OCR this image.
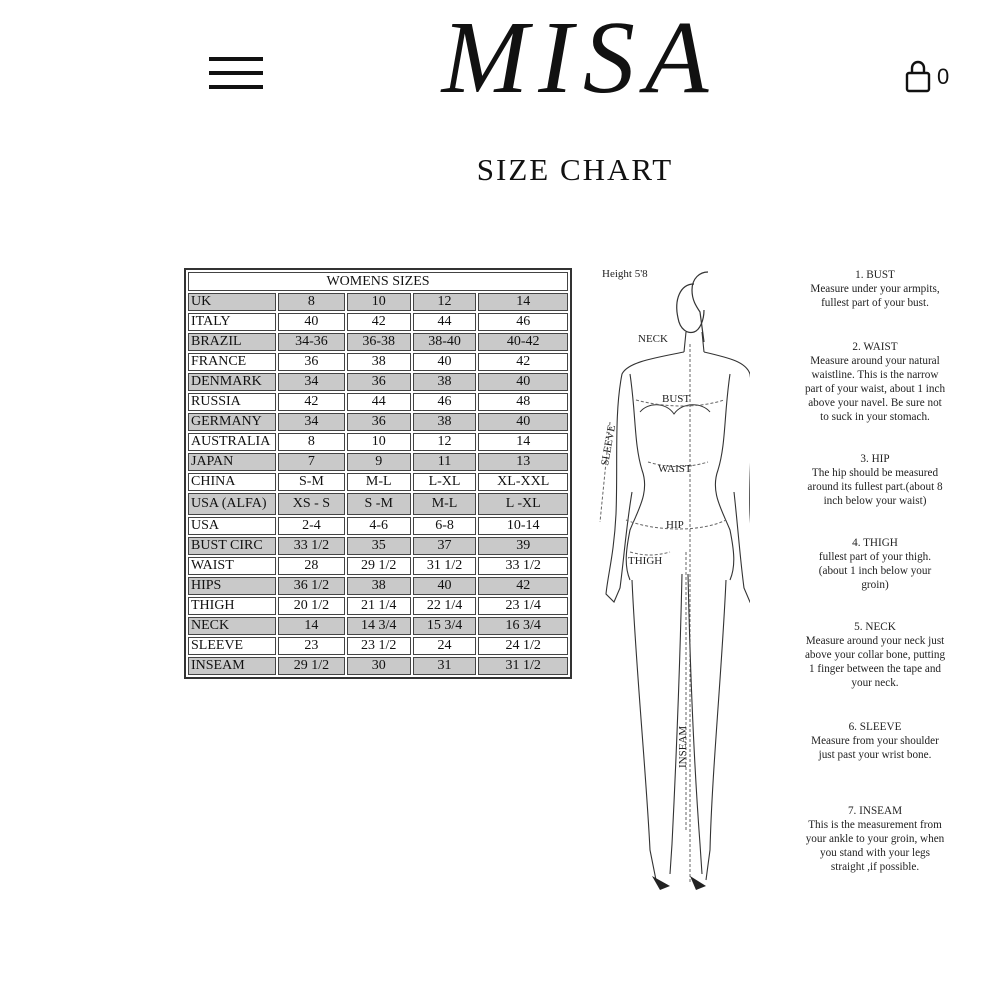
MISA	0
SIZE CHART
WOMENS SIZES				
UK	8	10	12	14
ITALY	40	42	44	46
BRAZIL	34-36	36-38	38-40	40-42
FRANCE	36	38	40	42
DENMARK	34	36	38	40
RUSSIA	42	44	46	48
GERMANY	34	36	38	40
AUSTRALIA	8	10	12	14
JAPAN	7	9	11	13
CHINA	S-M	M-L	L-XL	XL-XXL
USA (ALFA)	XS - S	S -M	M-L	L -XL
USA	2-4	4-6	6-8	10-14
BUST CIRC	33 1/2	35	37	39
WAIST	28	29 1/2	31 1/2	33 1/2
HIPS	36 1/2	38	40	42
THIGH	20 1/2	21 1/4	22 1/4	23 1/4
NECK	14	14 3/4	15 3/4	16 3/4
SLEEVE	23	23 1/2	24	24 1/2
INSEAM	29 1/2	30	31	31 1/2
Height 5'8
NECK
BUST
WAIST
HIP
THIGH
SLEEVE
INSEAM
1. BUST
Measure under your armpits,
fullest part of your bust.
2. WAIST
Measure around your natural
waistline. This is the narrow
part of your waist, about 1 inch
above your navel. Be sure not
to suck in your stomach.
3. HIP
The hip should be measured
around its fullest part.(about 8
inch below your waist)
4. THIGH
fullest part of your thigh.
(about 1 inch below your
groin)
5. NECK
Measure around your neck just
above your collar bone, putting
1 finger between the tape and
your neck.
6. SLEEVE
Measure from your shoulder
just past your wrist bone.
7. INSEAM
This is the measurement from
your ankle to your groin, when
you stand with your legs
straight ,if possible.
